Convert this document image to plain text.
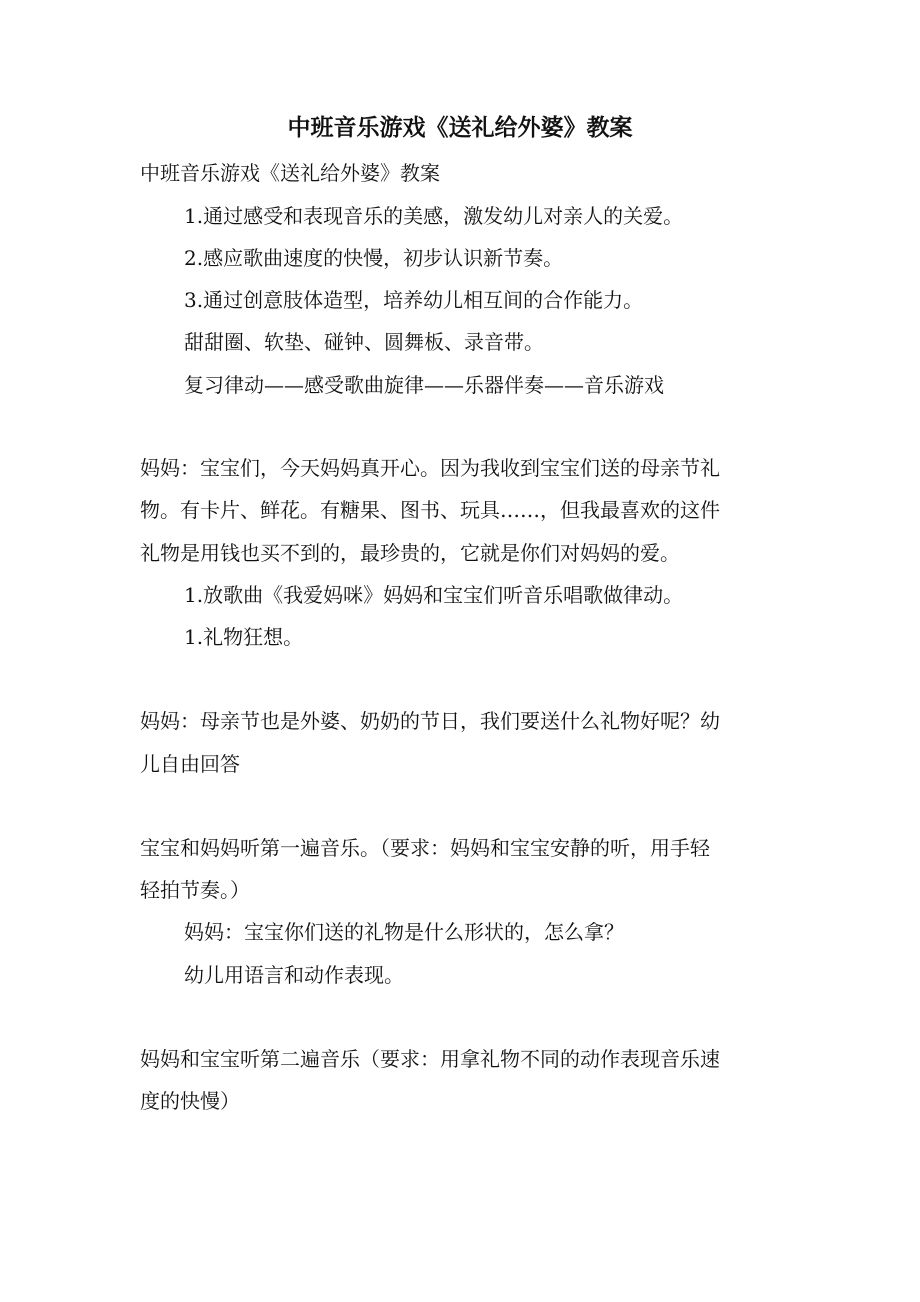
中班音乐游戏《送礼给外婆》教案
中班音乐游戏《送礼给外婆》教案
1.通过感受和表现音乐的美感，激发幼儿对亲人的关爱。
2.感应歌曲速度的快慢，初步认识新节奏。
3.通过创意肢体造型，培养幼儿相互间的合作能力。
甜甜圈、软垫、碰钟、圆舞板、录音带。
复习律动——感受歌曲旋律——乐器伴奏——音乐游戏
妈妈：宝宝们，今天妈妈真开心。因为我收到宝宝们送的母亲节礼
物。有卡片、鲜花。有糖果、图书、玩具……，但我最喜欢的这件
礼物是用钱也买不到的，最珍贵的，它就是你们对妈妈的爱。
1.放歌曲《我爱妈咪》妈妈和宝宝们听音乐唱歌做律动。
1.礼物狂想。
妈妈：母亲节也是外婆、奶奶的节日，我们要送什么礼物好呢？幼
儿自由回答
宝宝和妈妈听第一遍音乐。（要求：妈妈和宝宝安静的听，用手轻
轻拍节奏。）
妈妈：宝宝你们送的礼物是什么形状的，怎么拿？
幼儿用语言和动作表现。
妈妈和宝宝听第二遍音乐（要求：用拿礼物不同的动作表现音乐速
度的快慢）
